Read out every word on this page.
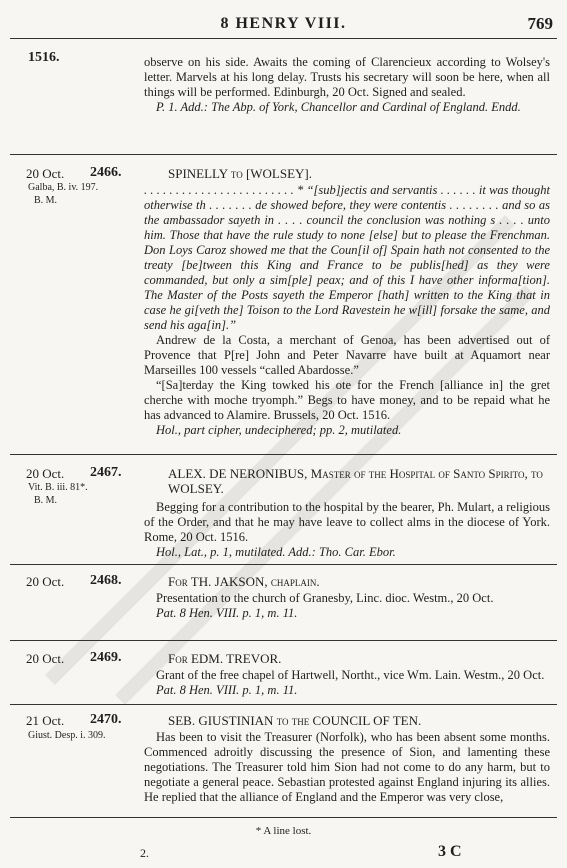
8 HENRY VIII.	769
1516.	observe on his side. Awaits the coming of Clarencieux according to Wolsey's letter. Marvels at his long delay. Trusts his secretary will soon be here, when all things will be performed. Edinburgh, 20 Oct. Signed and sealed.

P. 1. Add.: The Abp. of York, Chancellor and Cardinal of England. Endd.

20 Oct.
Galba, B. iv. 197.
B. M.
2466.	SPINELLY to [WOLSEY].

. . . . . . . . . . . . . . . . . . . . . . . . * “[sub]jectis and servantis . . . . . . it was thought otherwise th . . . . . . . de showed before, they were contentis . . . . . . . . and so as the ambassador sayeth in . . . . council the conclusion was nothing s . . . . unto him. Those that have the rule study to none [else] but to please the Frenchman. Don Loys Caroz showed me that the Coun[il of] Spain hath not consented to the treaty [be]tween this King and France to be publis[hed] as they were commanded, but only a sim[ple] peax; and of this I have other informa[tion]. The Master of the Posts sayeth the Emperor [hath] written to the King that in case he gi[veth the] Toison to the Lord Ravestein he w[ill] forsake the same, and send his aga[in].”

Andrew de la Costa, a merchant of Genoa, has been advertised out of Provence that P[re] John and Peter Navarre have built at Aquamort near Marseilles 100 vessels “called Abardosse.”

“[Sa]terday the King towked his ote for the French [alliance in] the gret cherche with moche tryomph.” Begs to have money, and to be repaid what he has advanced to Alamire. Brussels, 20 Oct. 1516.

Hol., part cipher, undeciphered; pp. 2, mutilated.

20 Oct.
Vit. B. iii. 81*.
B. M.
2467.	ALEX. DE NERONIBUS, Master of the Hospital of Santo Spirito, to WOLSEY.

Begging for a contribution to the hospital by the bearer, Ph. Mulart, a religious of the Order, and that he may have leave to collect alms in the diocese of York. Rome, 20 Oct. 1516.

Hol., Lat., p. 1, mutilated. Add.: Tho. Car. Ebor.

20 Oct. 2468.	For TH. JAKSON, chaplain.

Presentation to the church of Granesby, Linc. dioc. Westm., 20 Oct.

Pat. 8 Hen. VIII. p. 1, m. 11.

20 Oct. 2469.	For EDM. TREVOR.

Grant of the free chapel of Hartwell, Northt., vice Wm. Lain. Westm., 20 Oct.

Pat. 8 Hen. VIII. p. 1, m. 11.

21 Oct.
Giust. Desp. i. 309.
2470.	SEB. GIUSTINIAN to the COUNCIL OF TEN.

Has been to visit the Treasurer (Norfolk), who has been absent some months. Commenced adroitly discussing the presence of Sion, and lamenting these negotiations. The Treasurer told him Sion had not come to do any harm, but to negotiate a general peace. Sebastian protested against England injuring its allies. He replied that the alliance of England and the Emperor was very close,

* A line lost.
2.	3 C
